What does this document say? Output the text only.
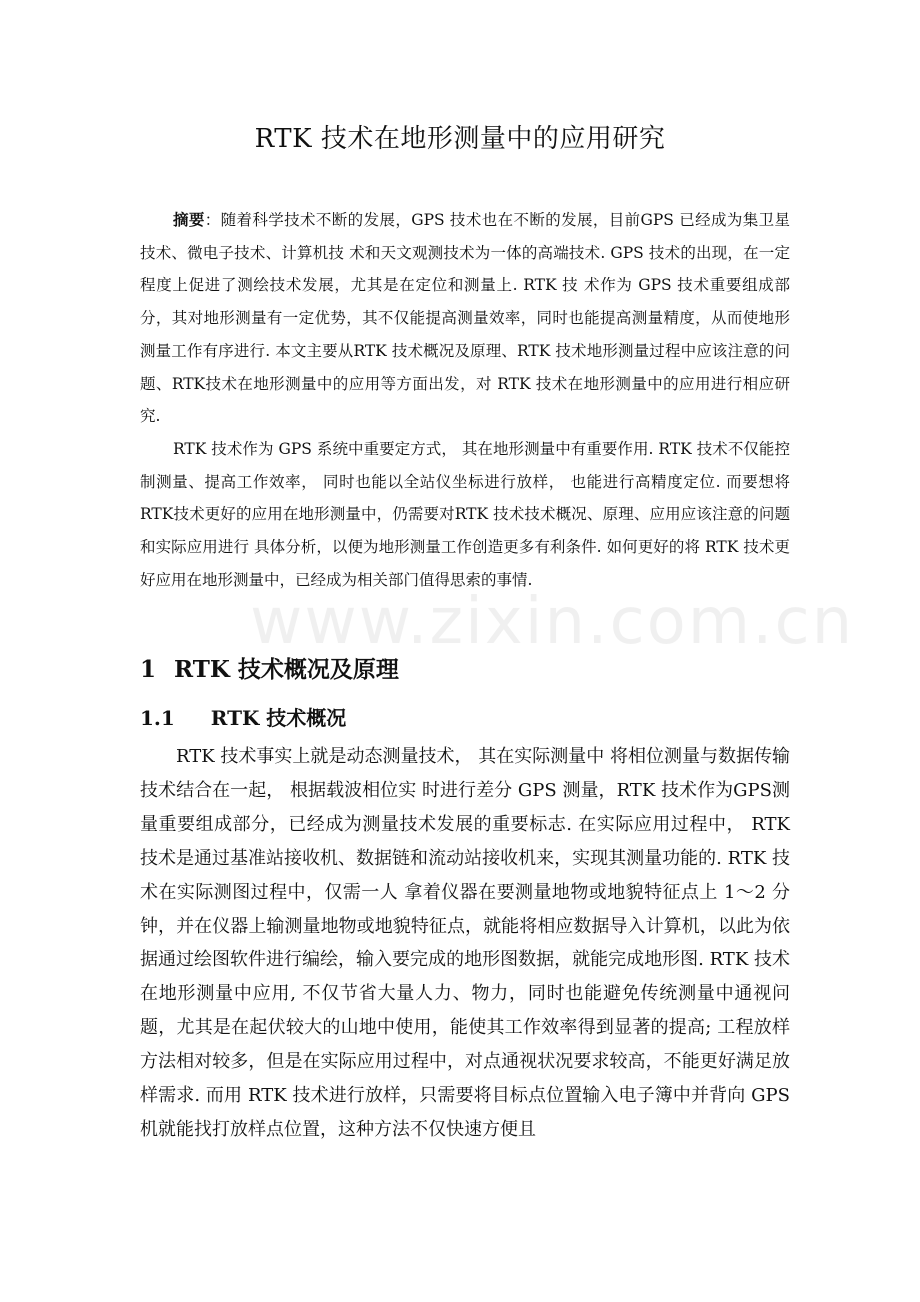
www.zixin.com.cn
RTK 技术在地形测量中的应用研究

摘要：随着科学技术不断的发展，GPS 技术也在不断的发展，目前GPS 已经成为集卫星技术、微电子技术、计算机技 术和天文观测技术为一体的高端技术. GPS 技术的出现，在一定程度上促进了测绘技术发展，尤其是在定位和测量上. RTK 技 术作为 GPS 技术重要组成部分，其对地形测量有一定优势，其不仅能提高测量效率，同时也能提高测量精度，从而使地形测量工作有序进行. 本文主要从RTK 技术概况及原理、RTK 技术地形测量过程中应该注意的问题、RTK技术在地形测量中的应用等方面出发，对 RTK 技术在地形测量中的应用进行相应研究.

RTK 技术作为 GPS 系统中重要定方式， 其在地形测量中有重要作用. RTK 技术不仅能控制测量、提高工作效率， 同时也能以全站仪坐标进行放样， 也能进行高精度定位. 而要想将RTK技术更好的应用在地形测量中，仍需要对RTK 技术技术概况、原理、应用应该注意的问题和实际应用进行 具体分析，以便为地形测量工作创造更多有利条件. 如何更好的将 RTK 技术更好应用在地形测量中，已经成为相关部门值得思索的事情.

1 RTK 技术概况及原理
1.1 RTK 技术概况

RTK 技术事实上就是动态测量技术， 其在实际测量中 将相位测量与数据传输技术结合在一起， 根据载波相位实 时进行差分 GPS 测量，RTK 技术作为GPS测量重要组成部分，已经成为测量技术发展的重要标志. 在实际应用过程中， RTK 技术是通过基准站接收机、数据链和流动站接收机来，实现其测量功能的. RTK 技术在实际测图过程中，仅需一人 拿着仪器在要测量地物或地貌特征点上 1～2 分钟，并在仪器上输测量地物或地貌特征点，就能将相应数据导入计算机，以此为依据通过绘图软件进行编绘，输入要完成的地形图数据，就能完成地形图. RTK 技术在地形测量中应用, 不仅节省大量人力、物力，同时也能避免传统测量中通视问题，尤其是在起伏较大的山地中使用，能使其工作效率得到显著的提高; 工程放样方法相对较多，但是在实际应用过程中，对点通视状况要求较高，不能更好满足放样需求. 而用 RTK 技术进行放样，只需要将目标点位置输入电子簿中并背向 GPS 机就能找打放样点位置，这种方法不仅快速方便且
